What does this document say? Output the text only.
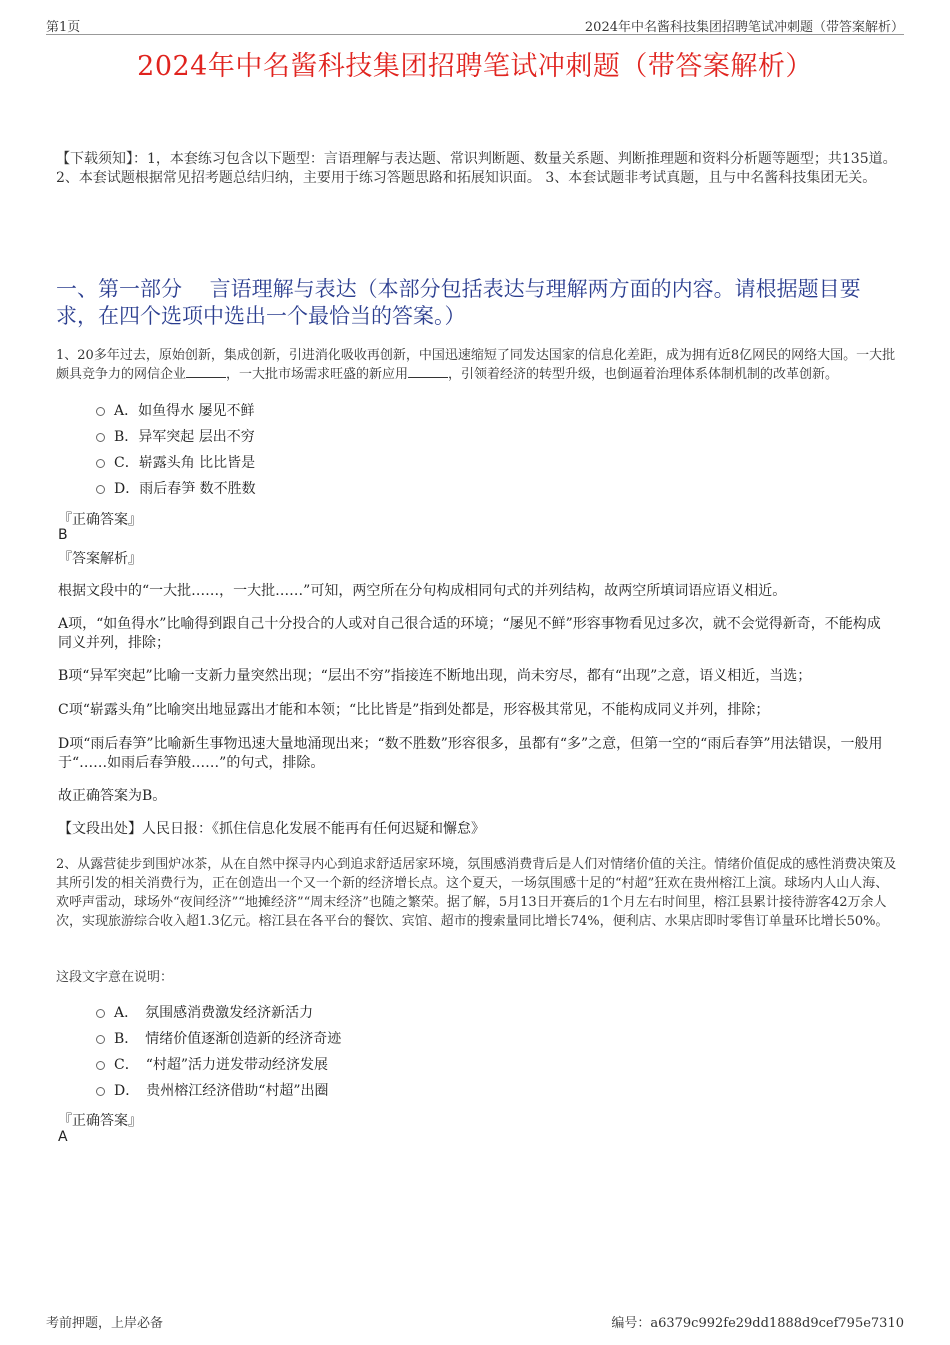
第1页	2024年中名酱科技集团招聘笔试冲刺题（带答案解析）
2024年中名酱科技集团招聘笔试冲刺题（带答案解析）
【下载须知】：1，本套练习包含以下题型：言语理解与表达题、常识判断题、数量关系题、判断推理题和资料分析题等题型；共135道。 2、本套试题根据常见招考题总结归纳，主要用于练习答题思路和拓展知识面。 3、本套试题非考试真题，且与中名酱科技集团无关。
一、第一部分　 言语理解与表达（本部分包括表达与理解两方面的内容。请根据题目要求，在四个选项中选出一个最恰当的答案。）
1、20多年过去，原始创新，集成创新，引进消化吸收再创新，中国迅速缩短了同发达国家的信息化差距，成为拥有近8亿网民的网络大国。一大批颇具竞争力的网信企业	，一大批市场需求旺盛的新应用	，引领着经济的转型升级，也倒逼着治理体系体制机制的改革创新。
A．如鱼得水 屡见不鲜
B．异军突起 层出不穷
C．崭露头角 比比皆是
D．雨后春笋 数不胜数
『正确答案』
B
『答案解析』
根据文段中的“一大批……，一大批……”可知，两空所在分句构成相同句式的并列结构，故两空所填词语应语义相近。
A项，“如鱼得水”比喻得到跟自己十分投合的人或对自己很合适的环境；“屡见不鲜”形容事物看见过多次，就不会觉得新奇，不能构成同义并列，排除；
B项“异军突起”比喻一支新力量突然出现；“层出不穷”指接连不断地出现，尚未穷尽，都有“出现”之意，语义相近，当选；
C项“崭露头角”比喻突出地显露出才能和本领；“比比皆是”指到处都是，形容极其常见，不能构成同义并列，排除；
D项“雨后春笋”比喻新生事物迅速大量地涌现出来；“数不胜数”形容很多，虽都有“多”之意，但第一空的“雨后春笋”用法错误，一般用于“……如雨后春笋般……”的句式，排除。
故正确答案为B。
【文段出处】人民日报：《抓住信息化发展不能再有任何迟疑和懈怠》
2、从露营徒步到围炉冰茶，从在自然中探寻内心到追求舒适居家环境，氛围感消费背后是人们对情绪价值的关注。情绪价值促成的感性消费决策及其所引发的相关消费行为，正在创造出一个又一个新的经济增长点。这个夏天，一场氛围感十足的“村超”狂欢在贵州榕江上演。球场内人山人海、欢呼声雷动，球场外“夜间经济”“地摊经济”“周末经济”也随之繁荣。据了解，5月13日开赛后的1个月左右时间里，榕江县累计接待游客42万余人次，实现旅游综合收入超1.3亿元。榕江县在各平台的餐饮、宾馆、超市的搜索量同比增长74%，便利店、水果店即时零售订单量环比增长50%。
这段文字意在说明：
A．　氛围感消费激发经济新活力
B．　情绪价值逐渐创造新的经济奇迹
C．　“村超”活力迸发带动经济发展
D．　贵州榕江经济借助“村超”出圈
『正确答案』
A
考前押题，上岸必备	编号：a6379c992fe29dd1888d9cef795e7310
